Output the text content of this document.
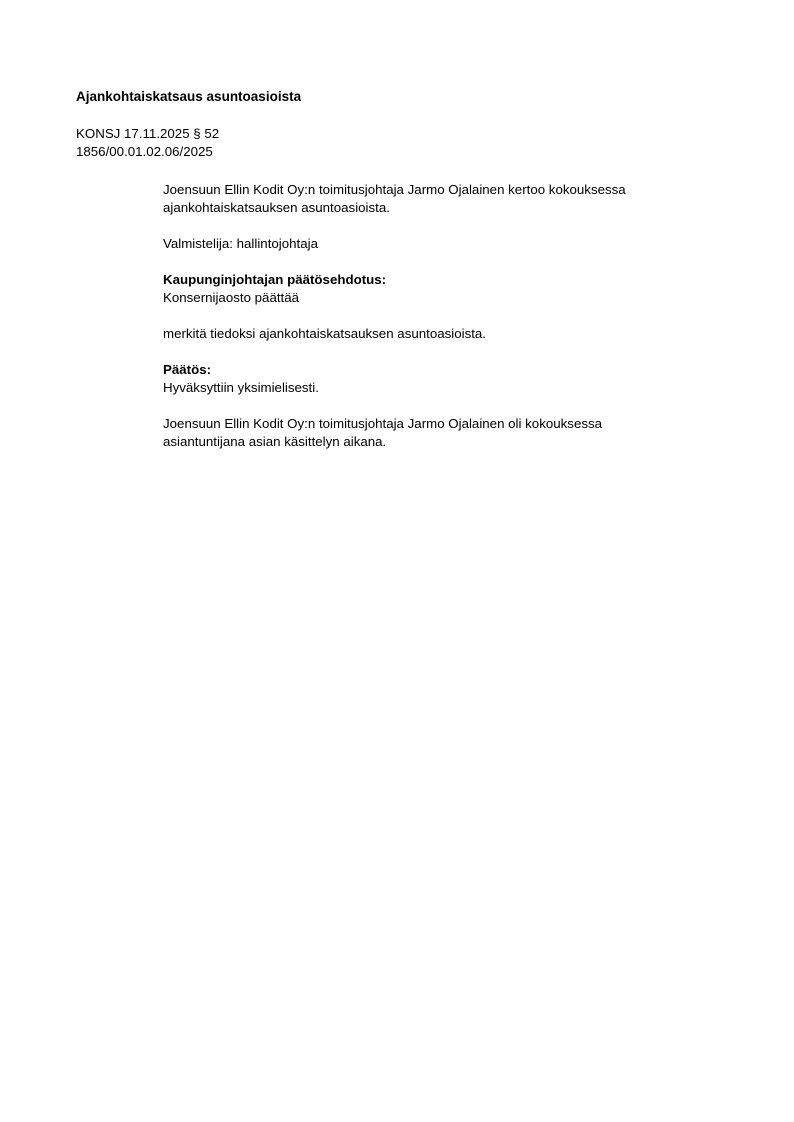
Ajankohtaiskatsaus asuntoasioista
KONSJ 17.11.2025 § 52
1856/00.01.02.06/2025
Joensuun Ellin Kodit Oy:n toimitusjohtaja Jarmo Ojalainen kertoo kokouksessa
ajankohtaiskatsauksen asuntoasioista.
Valmistelija: hallintojohtaja
Kaupunginjohtajan päätösehdotus:
Konsernijaosto päättää
merkitä tiedoksi ajankohtaiskatsauksen asuntoasioista.
Päätös:
Hyväksyttiin yksimielisesti.
Joensuun Ellin Kodit Oy:n toimitusjohtaja Jarmo Ojalainen oli kokouksessa
asiantuntijana asian käsittelyn aikana.
